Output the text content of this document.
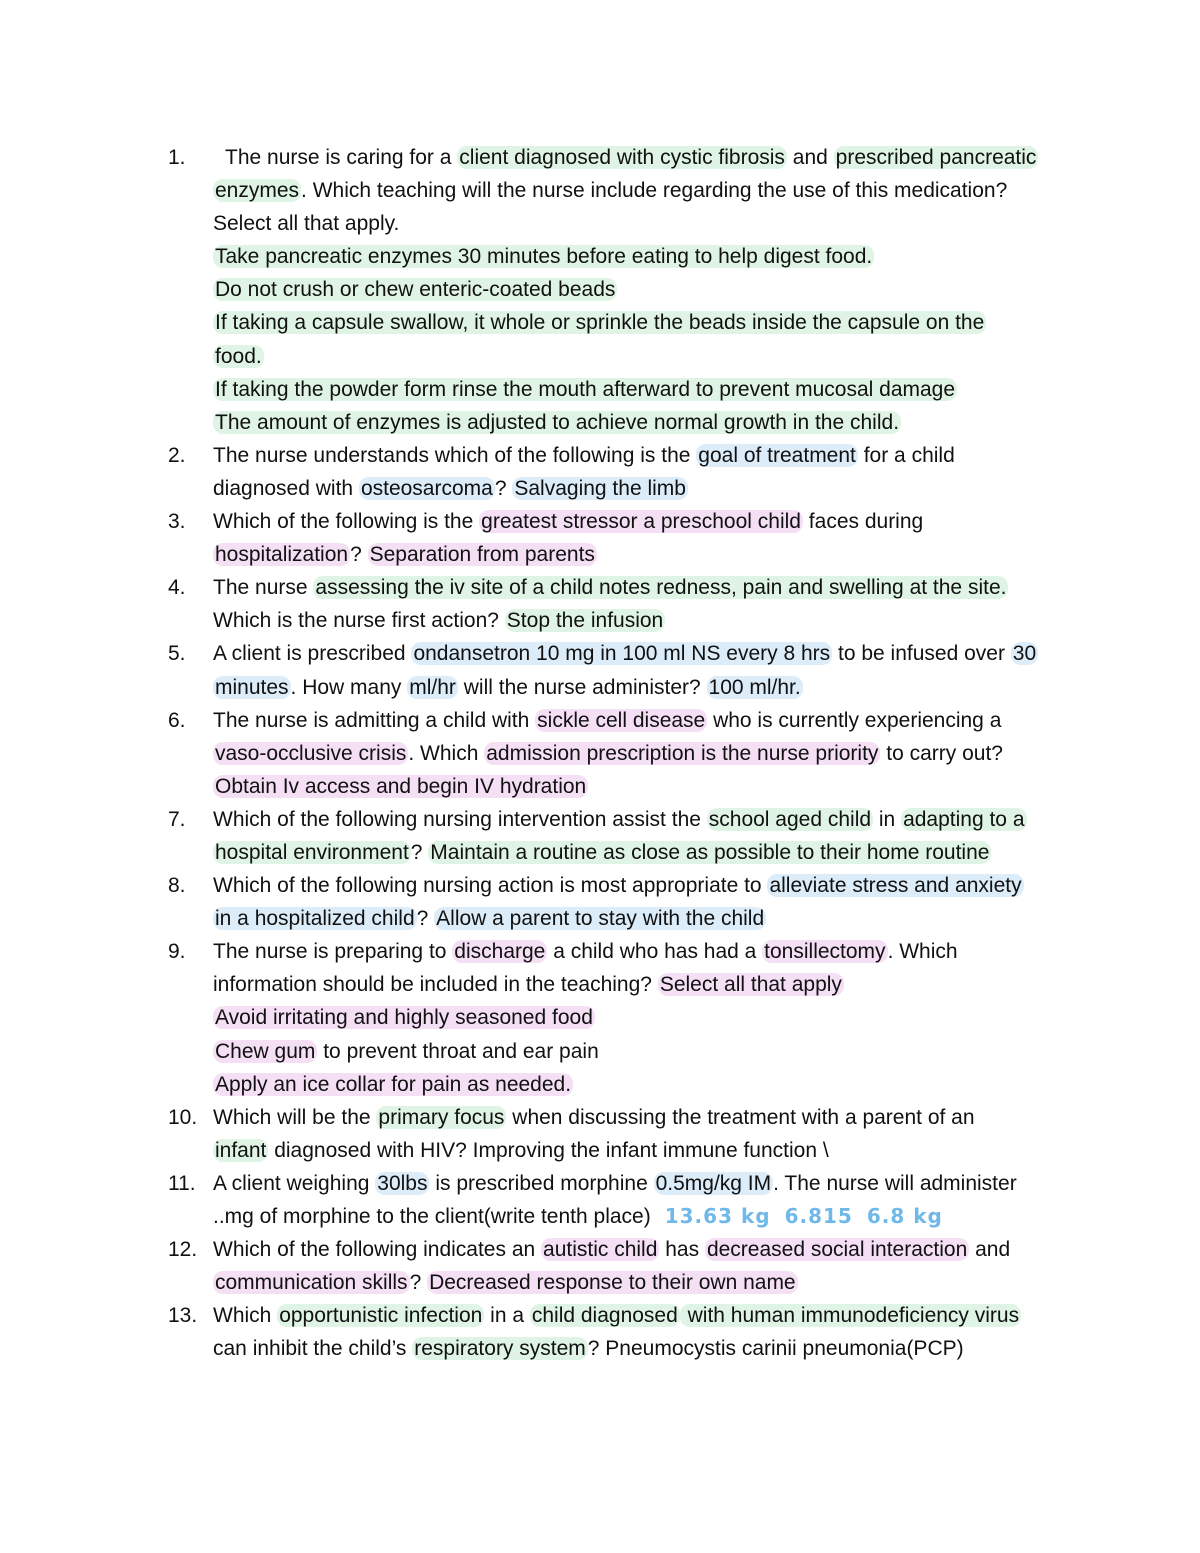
1.	The nurse is caring for a client diagnosed with cystic fibrosis and prescribed pancreatic
enzymes. Which teaching will the nurse include regarding the use of this medication?
Select all that apply.
Take pancreatic enzymes 30 minutes before eating to help digest food.
Do not crush or chew enteric-coated beads
If taking a capsule swallow, it whole or sprinkle the beads inside the capsule on the
food.
If taking the powder form rinse the mouth afterward to prevent mucosal damage
The amount of enzymes is adjusted to achieve normal growth in the child.
2.	The nurse understands which of the following is the goal of treatment for a child
diagnosed with osteosarcoma? Salvaging the limb
3.	Which of the following is the greatest stressor a preschool child faces during
hospitalization? Separation from parents
4.	The nurse assessing the iv site of a child notes redness, pain and swelling at the site.
Which is the nurse first action? Stop the infusion
5.	A client is prescribed ondansetron 10 mg in 100 ml NS every 8 hrs to be infused over 30
minutes. How many ml/hr will the nurse administer? 100 ml/hr.
6.	The nurse is admitting a child with sickle cell disease who is currently experiencing a
vaso-occlusive crisis. Which admission prescription is the nurse priority to carry out?
Obtain Iv access and begin IV hydration
7.	Which of the following nursing intervention assist the school aged child in adapting to a
hospital environment? Maintain a routine as close as possible to their home routine
8.	Which of the following nursing action is most appropriate to alleviate stress and anxiety
in a hospitalized child? Allow a parent to stay with the child
9.	The nurse is preparing to discharge a child who has had a tonsillectomy. Which
information should be included in the teaching? Select all that apply
Avoid irritating and highly seasoned food
Chew gum to prevent throat and ear pain
Apply an ice collar for pain as needed.
10. Which will be the primary focus when discussing the treatment with a parent of an
infant diagnosed with HIV? Improving the infant immune function \
11. A client weighing 30lbs is prescribed morphine 0.5mg/kg IM. The nurse will administer
..mg of morphine to the client(write tenth place) 13.63 kg 6.815 6.8 kg
12. Which of the following indicates an autistic child has decreased social interaction and
communication skills? Decreased response to their own name
13. Which opportunistic infection in a child diagnosed with human immunodeficiency virus
can inhibit the child’s respiratory system? Pneumocystis carinii pneumonia(PCP)
